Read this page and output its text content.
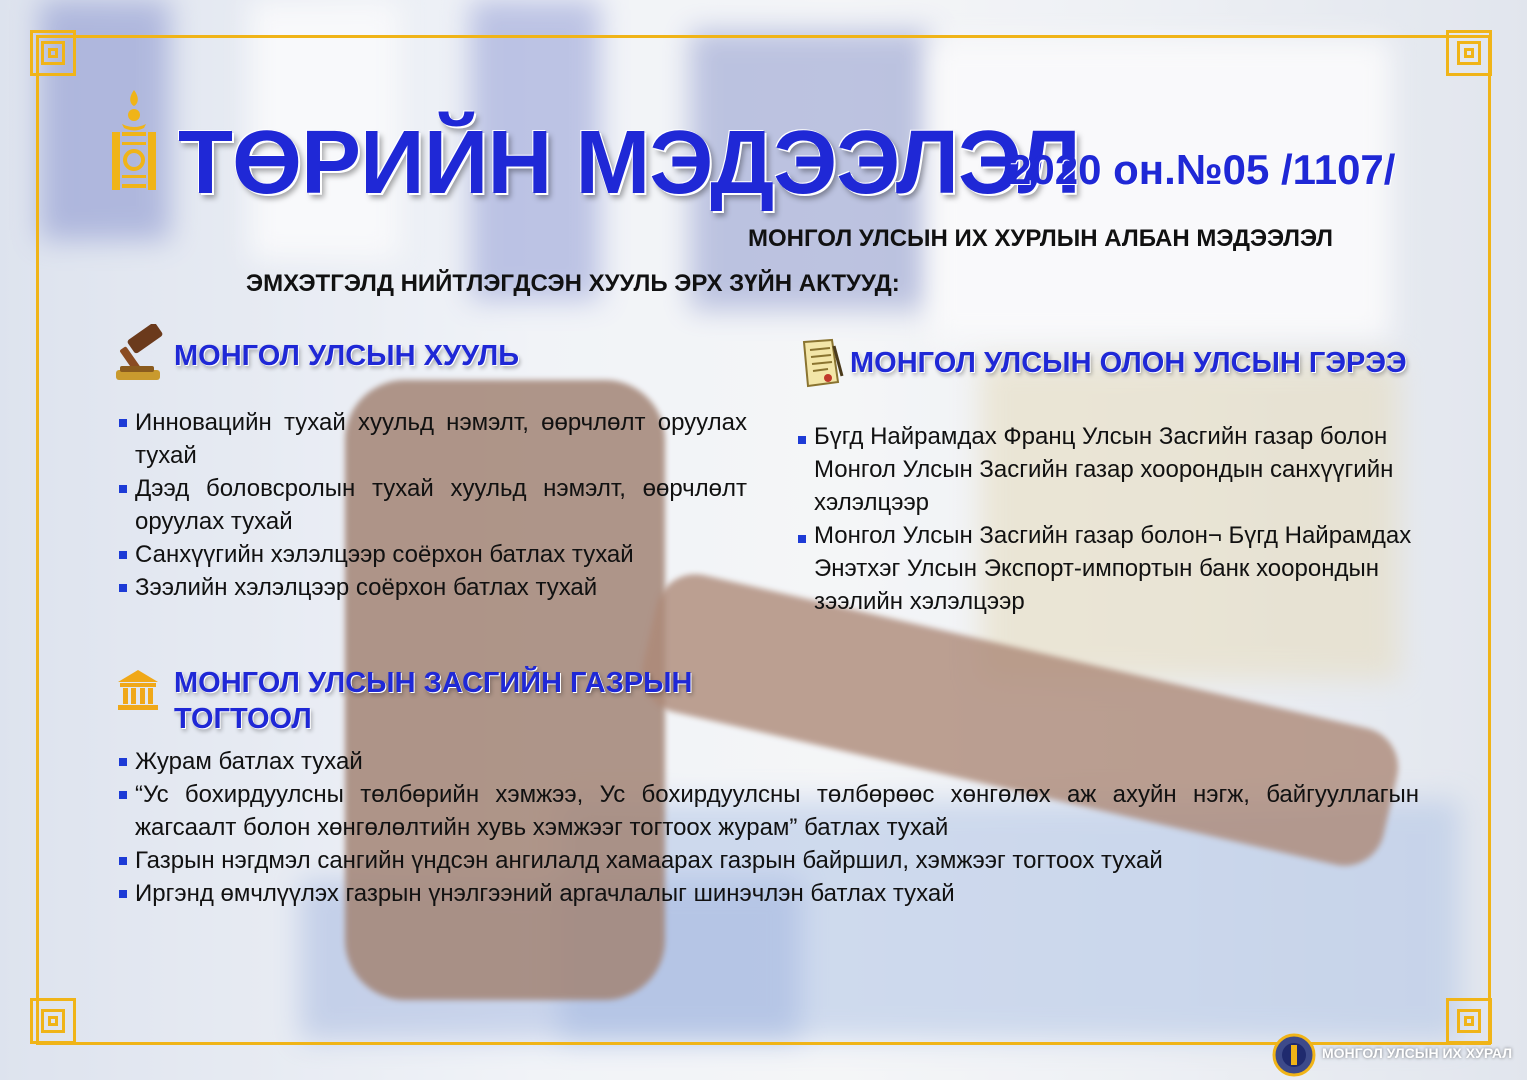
ТӨРИЙН МЭДЭЭЛЭЛ
2020 он.№05 /1107/
МОНГОЛ УЛСЫН ИХ ХУРЛЫН АЛБАН МЭДЭЭЛЭЛ
ЭМХЭТГЭЛД НИЙТЛЭГДСЭН ХУУЛЬ ЭРХ ЗҮЙН АКТУУД:
МОНГОЛ УЛСЫН ХУУЛЬ
Инновацийн тухай хуульд нэмэлт, өөрчлөлт оруулах тухай
Дээд боловсролын тухай хуульд нэмэлт, өөрчлөлт оруулах тухай
Санхүүгийн хэлэлцээр соёрхон батлах тухай
Зээлийн хэлэлцээр соёрхон батлах тухай
МОНГОЛ УЛСЫН ОЛОН УЛСЫН ГЭРЭЭ
Бүгд Найрамдах Франц Улсын Засгийн газар болон Монгол Улсын Засгийн газар хоорондын санхүүгийн хэлэлцээр
Монгол Улсын Засгийн газар болон¬ Бүгд Найрамдах Энэтхэг Улсын Экспорт-импортын банк хоорондын зээлийн хэлэлцээр
МОНГОЛ УЛСЫН ЗАСГИЙН ГАЗРЫН
ТОГТООЛ
Журам батлах тухай
“Ус бохирдуулсны төлбөрийн хэмжээ, Ус бохирдуулсны төлбөрөөс хөнгөлөх аж ахуйн нэгж, байгууллагын жагсаалт болон хөнгөлөлтийн хувь хэмжээг тогтоох журам” батлах тухай
Газрын нэгдмэл сангийн үндсэн ангилалд хамаарах газрын байршил, хэмжээг тогтоох тухай
Иргэнд өмчлүүлэх газрын үнэлгээний аргачлалыг шинэчлэн батлах тухай
МОНГОЛ УЛСЫН ИХ ХУРАЛ
